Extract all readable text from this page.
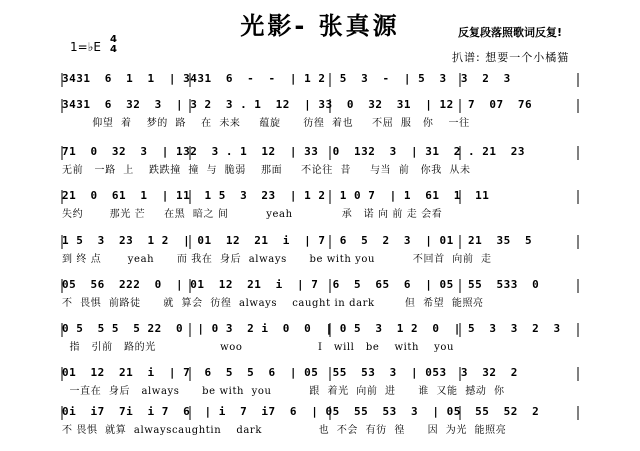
光影- 张真源	反复段落照歌词反复!
1=♭E
4
4
扒谱: 想要一个小橘猫
3431  6  1  1  | 3431  6  -  -  | 1 2  5  3  -  | 5  3  3  2  3
3431  6  32  3  | 3 2  3 . 1  12  | 33  0  32  31  | 12  7  07  76
仰望  着    梦的  路    在  未来     蕴旋      彷徨  着也     不屈  服   你    一往
71  0  32  3  | 132  3 . 1  12  | 33  0  132  3  | 31  2 . 21  23
无前   一路  上    跌跌撞  撞  与  脆弱    那面     不论往  昔     与当  前   你我  从未
21  0  61  1  | 11  1 5  3  23  | 1 2  1 0 7  | 1  61  1  11
失约       那光 芒     在黑  暗之 间          yeah             承   诺 向 前 走 会看
1 5  3  23  1 2  | 01  12  21  i  | 7  6  5  2  3  | 01  21  35  5
到 终 点       yeah      而 我在  身后  always      be with you          不回首  向前  走
05  56  222  0  | 01  12  21  i  | 7  6  5  65  6  | 05  55  533  0
不  畏惧  前路徒      就  算会  彷徨  always    caught in dark        但  希望  能照亮
0 5  5 5  5 22  0  | 0 3  2 i  0  0  | 0 5  3  1 2  0  | 5  3  3  2  3
指   引前   路的光                 woo                    I   will   be    with    you
01  12  21  i  | 7  6  5  5  6  | 05  55  53  3  | 053  3  32  2
一直在  身后   always      be with  you          跟  着光  向前  进      谁  又能  撼动  你
0i  i7  7i  i 7  6  | i  7  i7  6  | 05  55  53  3  | 05  55  52  2
不 畏惧  就算  alwayscaughtin    dark               也  不会  有彷  徨      因  为光  能照亮
